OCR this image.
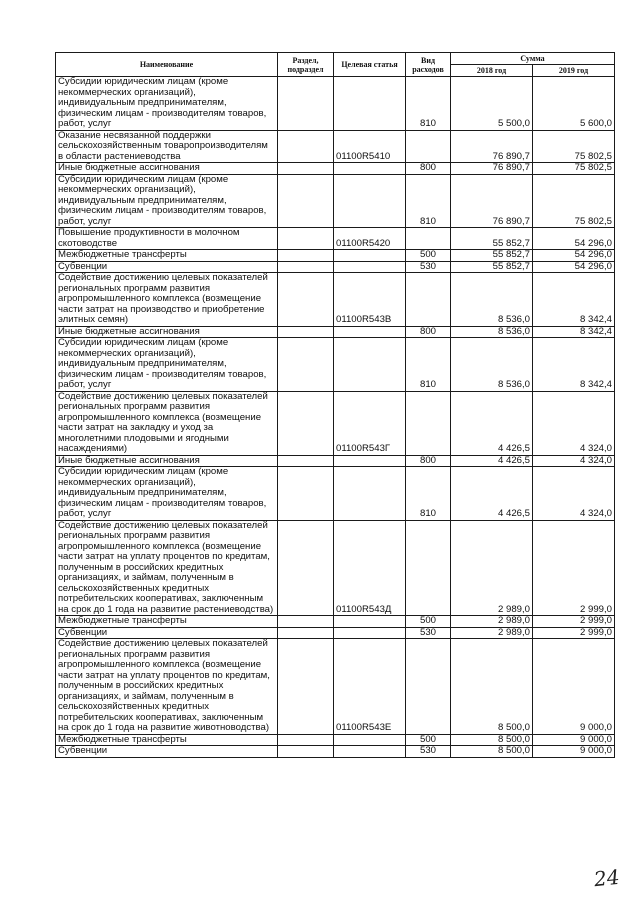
Наименование	Раздел, подраздел	Целевая статья	Вид расходов	Сумма	
				2018 год	2019 год
Субсидии юридическим лицам (кроме некоммерческих организаций), индивидуальным предпринимателям, физическим лицам - производителям товаров, работ, услуг			810	5 500,0	5 600,0
Оказание несвязанной поддержки сельскохозяйственным товаропроизводителям в области растениеводства		01100R5410		76 890,7	75 802,5
Иные бюджетные ассигнования			800	76 890,7	75 802,5
Субсидии юридическим лицам (кроме некоммерческих организаций), индивидуальным предпринимателям, физическим лицам - производителям товаров, работ, услуг			810	76 890,7	75 802,5
Повышение продуктивности в молочном скотоводстве		01100R5420		55 852,7	54 296,0
Межбюджетные трансферты			500	55 852,7	54 296,0
Субвенции			530	55 852,7	54 296,0
Содействие достижению целевых показателей региональных программ развития агропромышленного комплекса (возмещение части затрат на производство и приобретение элитных семян)		01100R543В		8 536,0	8 342,4
Иные бюджетные ассигнования			800	8 536,0	8 342,4
Субсидии юридическим лицам (кроме некоммерческих организаций), индивидуальным предпринимателям, физическим лицам - производителям товаров, работ, услуг			810	8 536,0	8 342,4
Содействие достижению целевых показателей региональных программ развития агропромышленного комплекса (возмещение части затрат на закладку и уход за многолетними плодовыми и ягодными насаждениями)		01100R543Г		4 426,5	4 324,0
Иные бюджетные ассигнования			800	4 426,5	4 324,0
Субсидии юридическим лицам (кроме некоммерческих организаций), индивидуальным предпринимателям, физическим лицам - производителям товаров, работ, услуг			810	4 426,5	4 324,0
Содействие достижению целевых показателей региональных программ развития агропромышленного комплекса (возмещение части затрат на уплату процентов по кредитам, полученным в российских кредитных организациях, и займам, полученным в сельскохозяйственных кредитных потребительских кооперативах, заключенным на срок до 1 года на развитие растениеводства)		01100R543Д		2 989,0	2 999,0
Межбюджетные трансферты			500	2 989,0	2 999,0
Субвенции			530	2 989,0	2 999,0
Содействие достижению целевых показателей региональных программ развития агропромышленного комплекса (возмещение части затрат на уплату процентов по кредитам, полученным в российских кредитных организациях, и займам, полученным в сельскохозяйственных кредитных потребительских кооперативах, заключенным на срок до 1 года на развитие животноводства)		01100R543Е		8 500,0	9 000,0
Межбюджетные трансферты			500	8 500,0	9 000,0
Субвенции			530	8 500,0	9 000,0
24
